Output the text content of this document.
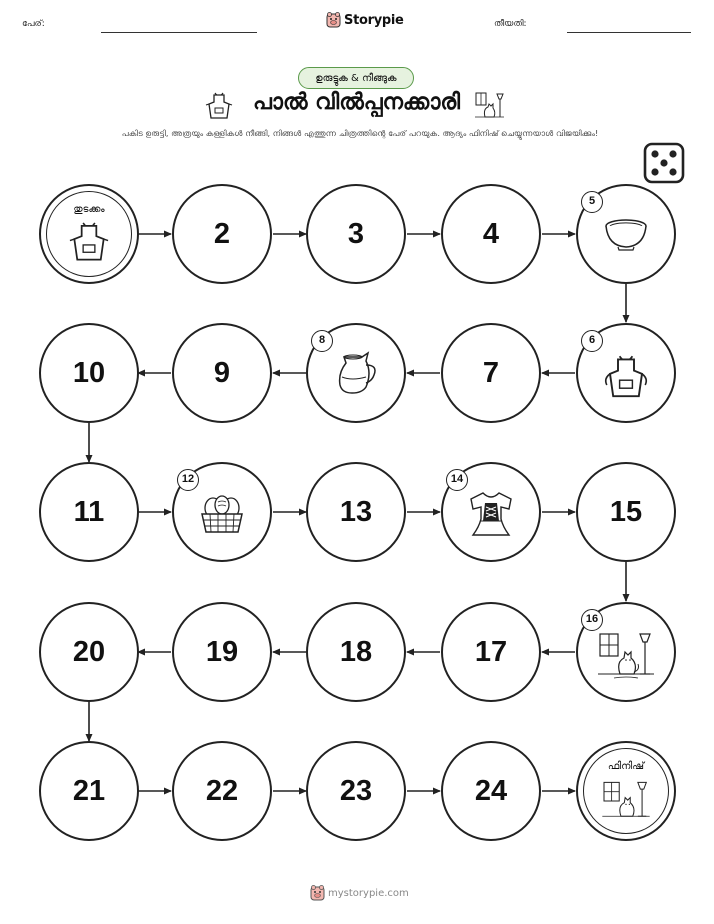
പേര്:	Storypie	തീയതി:
ഉരുട്ടുക & നീങ്ങുക
പാൽ വിൽപ്പനക്കാരി
പകിട ഉരുട്ടി, അത്രയും കള്ളികൾ നീങ്ങി, നിങ്ങൾ എത്തുന്ന ചിത്രത്തിന്റെ പേര് പറയുക. ആദ്യം ഫിനിഷ് ചെയ്യുന്നയാൾ വിജയിക്കും!
തുടക്കം
2	3	4
5
10	9
8
7
6
11
12
13
14
15
20	19	18	17
16
21	22	23	24
ഫിനിഷ്
mystorypie.com
